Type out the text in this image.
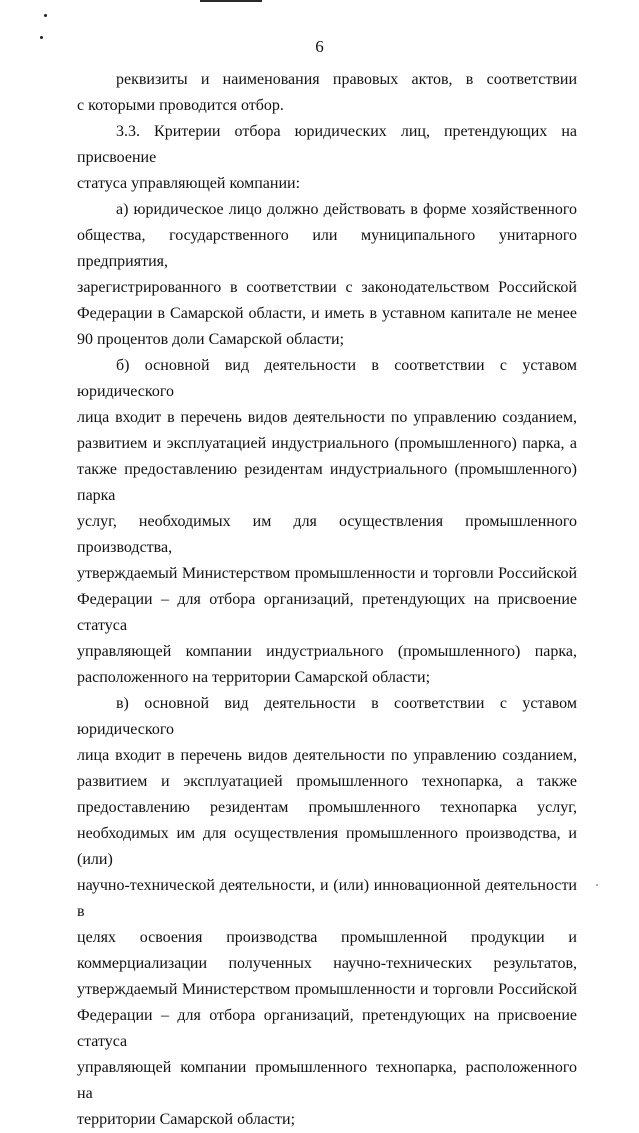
6
реквизиты и наименования правовых актов, в соответствии
с которыми проводится отбор.
3.3. Критерии отбора юридических лиц, претендующих на присвоение
статуса управляющей компании:
а) юридическое лицо должно действовать в форме хозяйственного
общества, государственного или муниципального унитарного предприятия,
зарегистрированного в соответствии с законодательством Российской
Федерации в Самарской области, и иметь в уставном капитале не менее
90 процентов доли Самарской области;
б) основной вид деятельности в соответствии с уставом юридического
лица входит в перечень видов деятельности по управлению созданием,
развитием и эксплуатацией индустриального (промышленного) парка, а
также предоставлению резидентам индустриального (промышленного) парка
услуг, необходимых им для осуществления промышленного производства,
утверждаемый Министерством промышленности и торговли Российской
Федерации – для отбора организаций, претендующих на присвоение статуса
управляющей компании индустриального (промышленного) парка,
расположенного на территории Самарской области;
в) основной вид деятельности в соответствии с уставом юридического
лица входит в перечень видов деятельности по управлению созданием,
развитием и эксплуатацией промышленного технопарка, а также
предоставлению резидентам промышленного технопарка услуг,
необходимых им для осуществления промышленного производства, и (или)
научно-технической деятельности, и (или) инновационной деятельности в
целях освоения производства промышленной продукции и
коммерциализации полученных научно-технических результатов,
утверждаемый Министерством промышленности и торговли Российской
Федерации – для отбора организаций, претендующих на присвоение статуса
управляющей компании промышленного технопарка, расположенного на
территории Самарской области;
